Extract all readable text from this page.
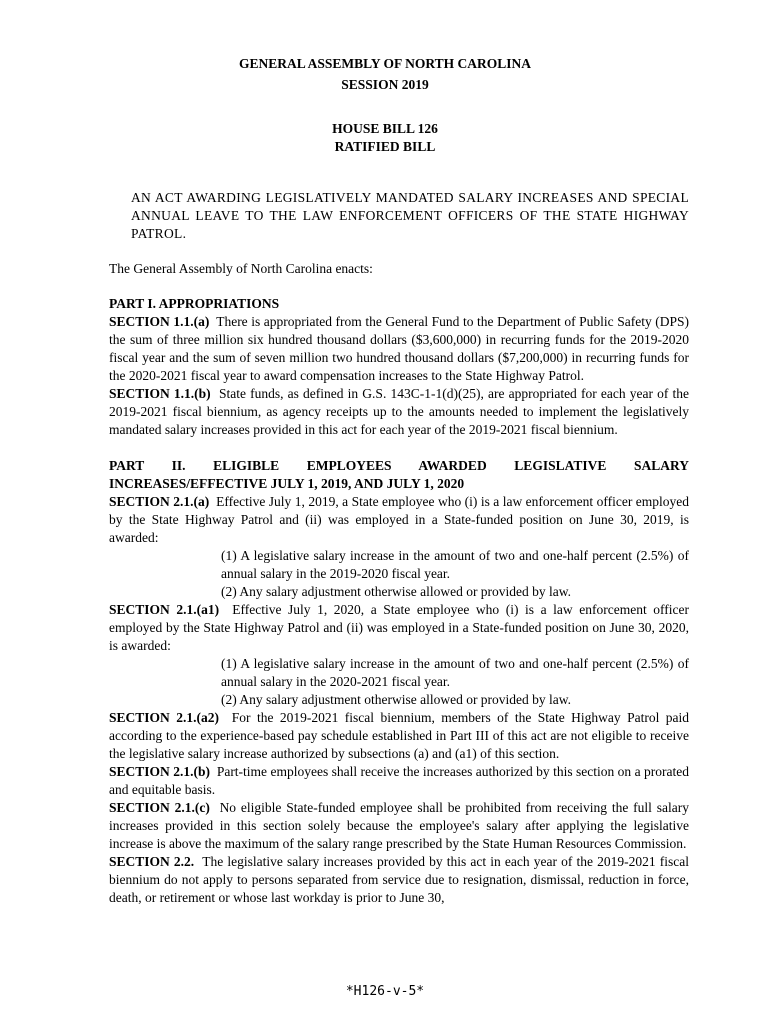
GENERAL ASSEMBLY OF NORTH CAROLINA
SESSION 2019
HOUSE BILL 126
RATIFIED BILL
AN ACT AWARDING LEGISLATIVELY MANDATED SALARY INCREASES AND SPECIAL ANNUAL LEAVE TO THE LAW ENFORCEMENT OFFICERS OF THE STATE HIGHWAY PATROL.
The General Assembly of North Carolina enacts:
PART I. APPROPRIATIONS

SECTION 1.1.(a) There is appropriated from the General Fund to the Department of Public Safety (DPS) the sum of three million six hundred thousand dollars ($3,600,000) in recurring funds for the 2019-2020 fiscal year and the sum of seven million two hundred thousand dollars ($7,200,000) in recurring funds for the 2020-2021 fiscal year to award compensation increases to the State Highway Patrol.

SECTION 1.1.(b) State funds, as defined in G.S. 143C-1-1(d)(25), are appropriated for each year of the 2019-2021 fiscal biennium, as agency receipts up to the amounts needed to implement the legislatively mandated salary increases provided in this act for each year of the 2019-2021 fiscal biennium.

PART II. ELIGIBLE EMPLOYEES AWARDED LEGISLATIVE SALARY INCREASES/EFFECTIVE JULY 1, 2019, AND JULY 1, 2020

SECTION 2.1.(a) Effective July 1, 2019, a State employee who (i) is a law enforcement officer employed by the State Highway Patrol and (ii) was employed in a State-funded position on June 30, 2019, is awarded:

(1) A legislative salary increase in the amount of two and one-half percent (2.5%) of annual salary in the 2019-2020 fiscal year.
(2) Any salary adjustment otherwise allowed or provided by law.

SECTION 2.1.(a1) Effective July 1, 2020, a State employee who (i) is a law enforcement officer employed by the State Highway Patrol and (ii) was employed in a State-funded position on June 30, 2020, is awarded:

(1) A legislative salary increase in the amount of two and one-half percent (2.5%) of annual salary in the 2020-2021 fiscal year.
(2) Any salary adjustment otherwise allowed or provided by law.

SECTION 2.1.(a2) For the 2019-2021 fiscal biennium, members of the State Highway Patrol paid according to the experience-based pay schedule established in Part III of this act are not eligible to receive the legislative salary increase authorized by subsections (a) and (a1) of this section.

SECTION 2.1.(b) Part-time employees shall receive the increases authorized by this section on a prorated and equitable basis.

SECTION 2.1.(c) No eligible State-funded employee shall be prohibited from receiving the full salary increases provided in this section solely because the employee's salary after applying the legislative increase is above the maximum of the salary range prescribed by the State Human Resources Commission.

SECTION 2.2. The legislative salary increases provided by this act in each year of the 2019-2021 fiscal biennium do not apply to persons separated from service due to resignation, dismissal, reduction in force, death, or retirement or whose last workday is prior to June 30,

*H126-v-5*
